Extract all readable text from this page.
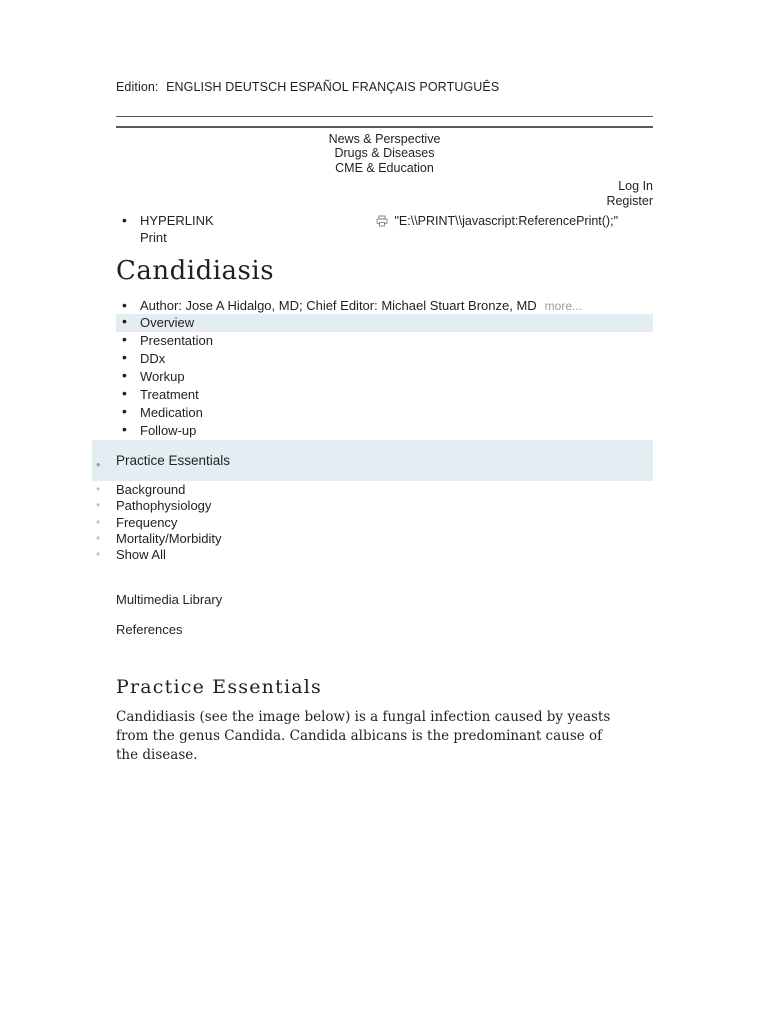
Edition: ENGLISH DEUTSCH ESPAÑOL FRANÇAIS PORTUGUÊS
News & Perspective
Drugs & Diseases
CME & Education
Log In
Register
• HYPERLINK	"E:\\PRINT\\javascript:ReferencePrint();"
Print
Candidiasis
• Author: Jose A Hidalgo, MD; Chief Editor: Michael Stuart Bronze, MD more...
• Overview
• Presentation
• DDx
• Workup
• Treatment
• Medication
• Follow-up
• Practice Essentials
• Background
• Pathophysiology
• Frequency
• Mortality/Morbidity
• Show All
Multimedia Library
References
Practice Essentials

Candidiasis (see the image below) is a fungal infection caused by yeasts from the genus Candida. Candida albicans is the predominant cause of the disease.
